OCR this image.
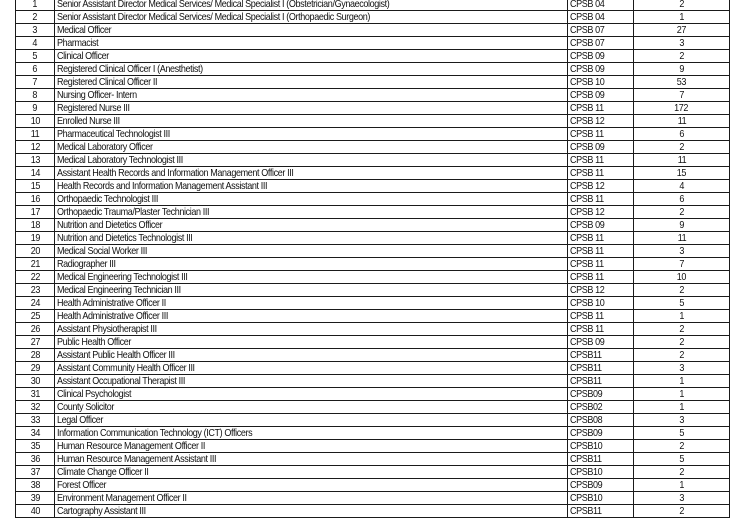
1	Senior Assistant Director Medical Services/ Medical Specialist I (Obstetrician/Gynaecologist)	CPSB 04	2
2	Senior Assistant Director Medical Services/ Medical Specialist I (Orthopaedic Surgeon)	CPSB 04	1
3	Medical Officer	CPSB 07	27
4	Pharmacist	CPSB 07	3
5	Clinical Officer	CPSB 09	2
6	Registered Clinical Officer I (Anesthetist)	CPSB 09	9
7	Registered Clinical Officer II	CPSB 10	53
8	Nursing Officer- Intern	CPSB 09	7
9	Registered Nurse III	CPSB 11	172
10	Enrolled Nurse III	CPSB 12	11
11	Pharmaceutical Technologist III	CPSB 11	6
12	Medical Laboratory Officer	CPSB 09	2
13	Medical Laboratory Technologist III	CPSB 11	11
14	Assistant Health Records and Information Management Officer III	CPSB 11	15
15	Health Records and Information Management Assistant III	CPSB 12	4
16	Orthopaedic Technologist III	CPSB 11	6
17	Orthopaedic Trauma/Plaster Technician III	CPSB 12	2
18	Nutrition and Dietetics Officer	CPSB 09	9
19	Nutrition and Dietetics Technologist III	CPSB 11	11
20	Medical Social Worker III	CPSB 11	3
21	Radiographer III	CPSB 11	7
22	Medical Engineering Technologist III	CPSB 11	10
23	Medical Engineering Technician III	CPSB 12	2
24	Health Administrative Officer II	CPSB 10	5
25	Health Administrative Officer III	CPSB 11	1
26	Assistant Physiotherapist III	CPSB 11	2
27	Public Health Officer	CPSB 09	2
28	Assistant Public Health Officer III	CPSB11	2
29	Assistant Community Health Officer III	CPSB11	3
30	Assistant Occupational Therapist III	CPSB11	1
31	Clinical Psychologist	CPSB09	1
32	County Solicitor	CPSB02	1
33	Legal Officer	CPSB08	3
34	Information Communication Technology (ICT) Officers	CPSB09	5
35	Human Resource Management Officer II	CPSB10	2
36	Human Resource Management Assistant III	CPSB11	5
37	Climate Change Officer II	CPSB10	2
38	Forest Officer	CPSB09	1
39	Environment Management Officer II	CPSB10	3
40	Cartography Assistant III	CPSB11	2
